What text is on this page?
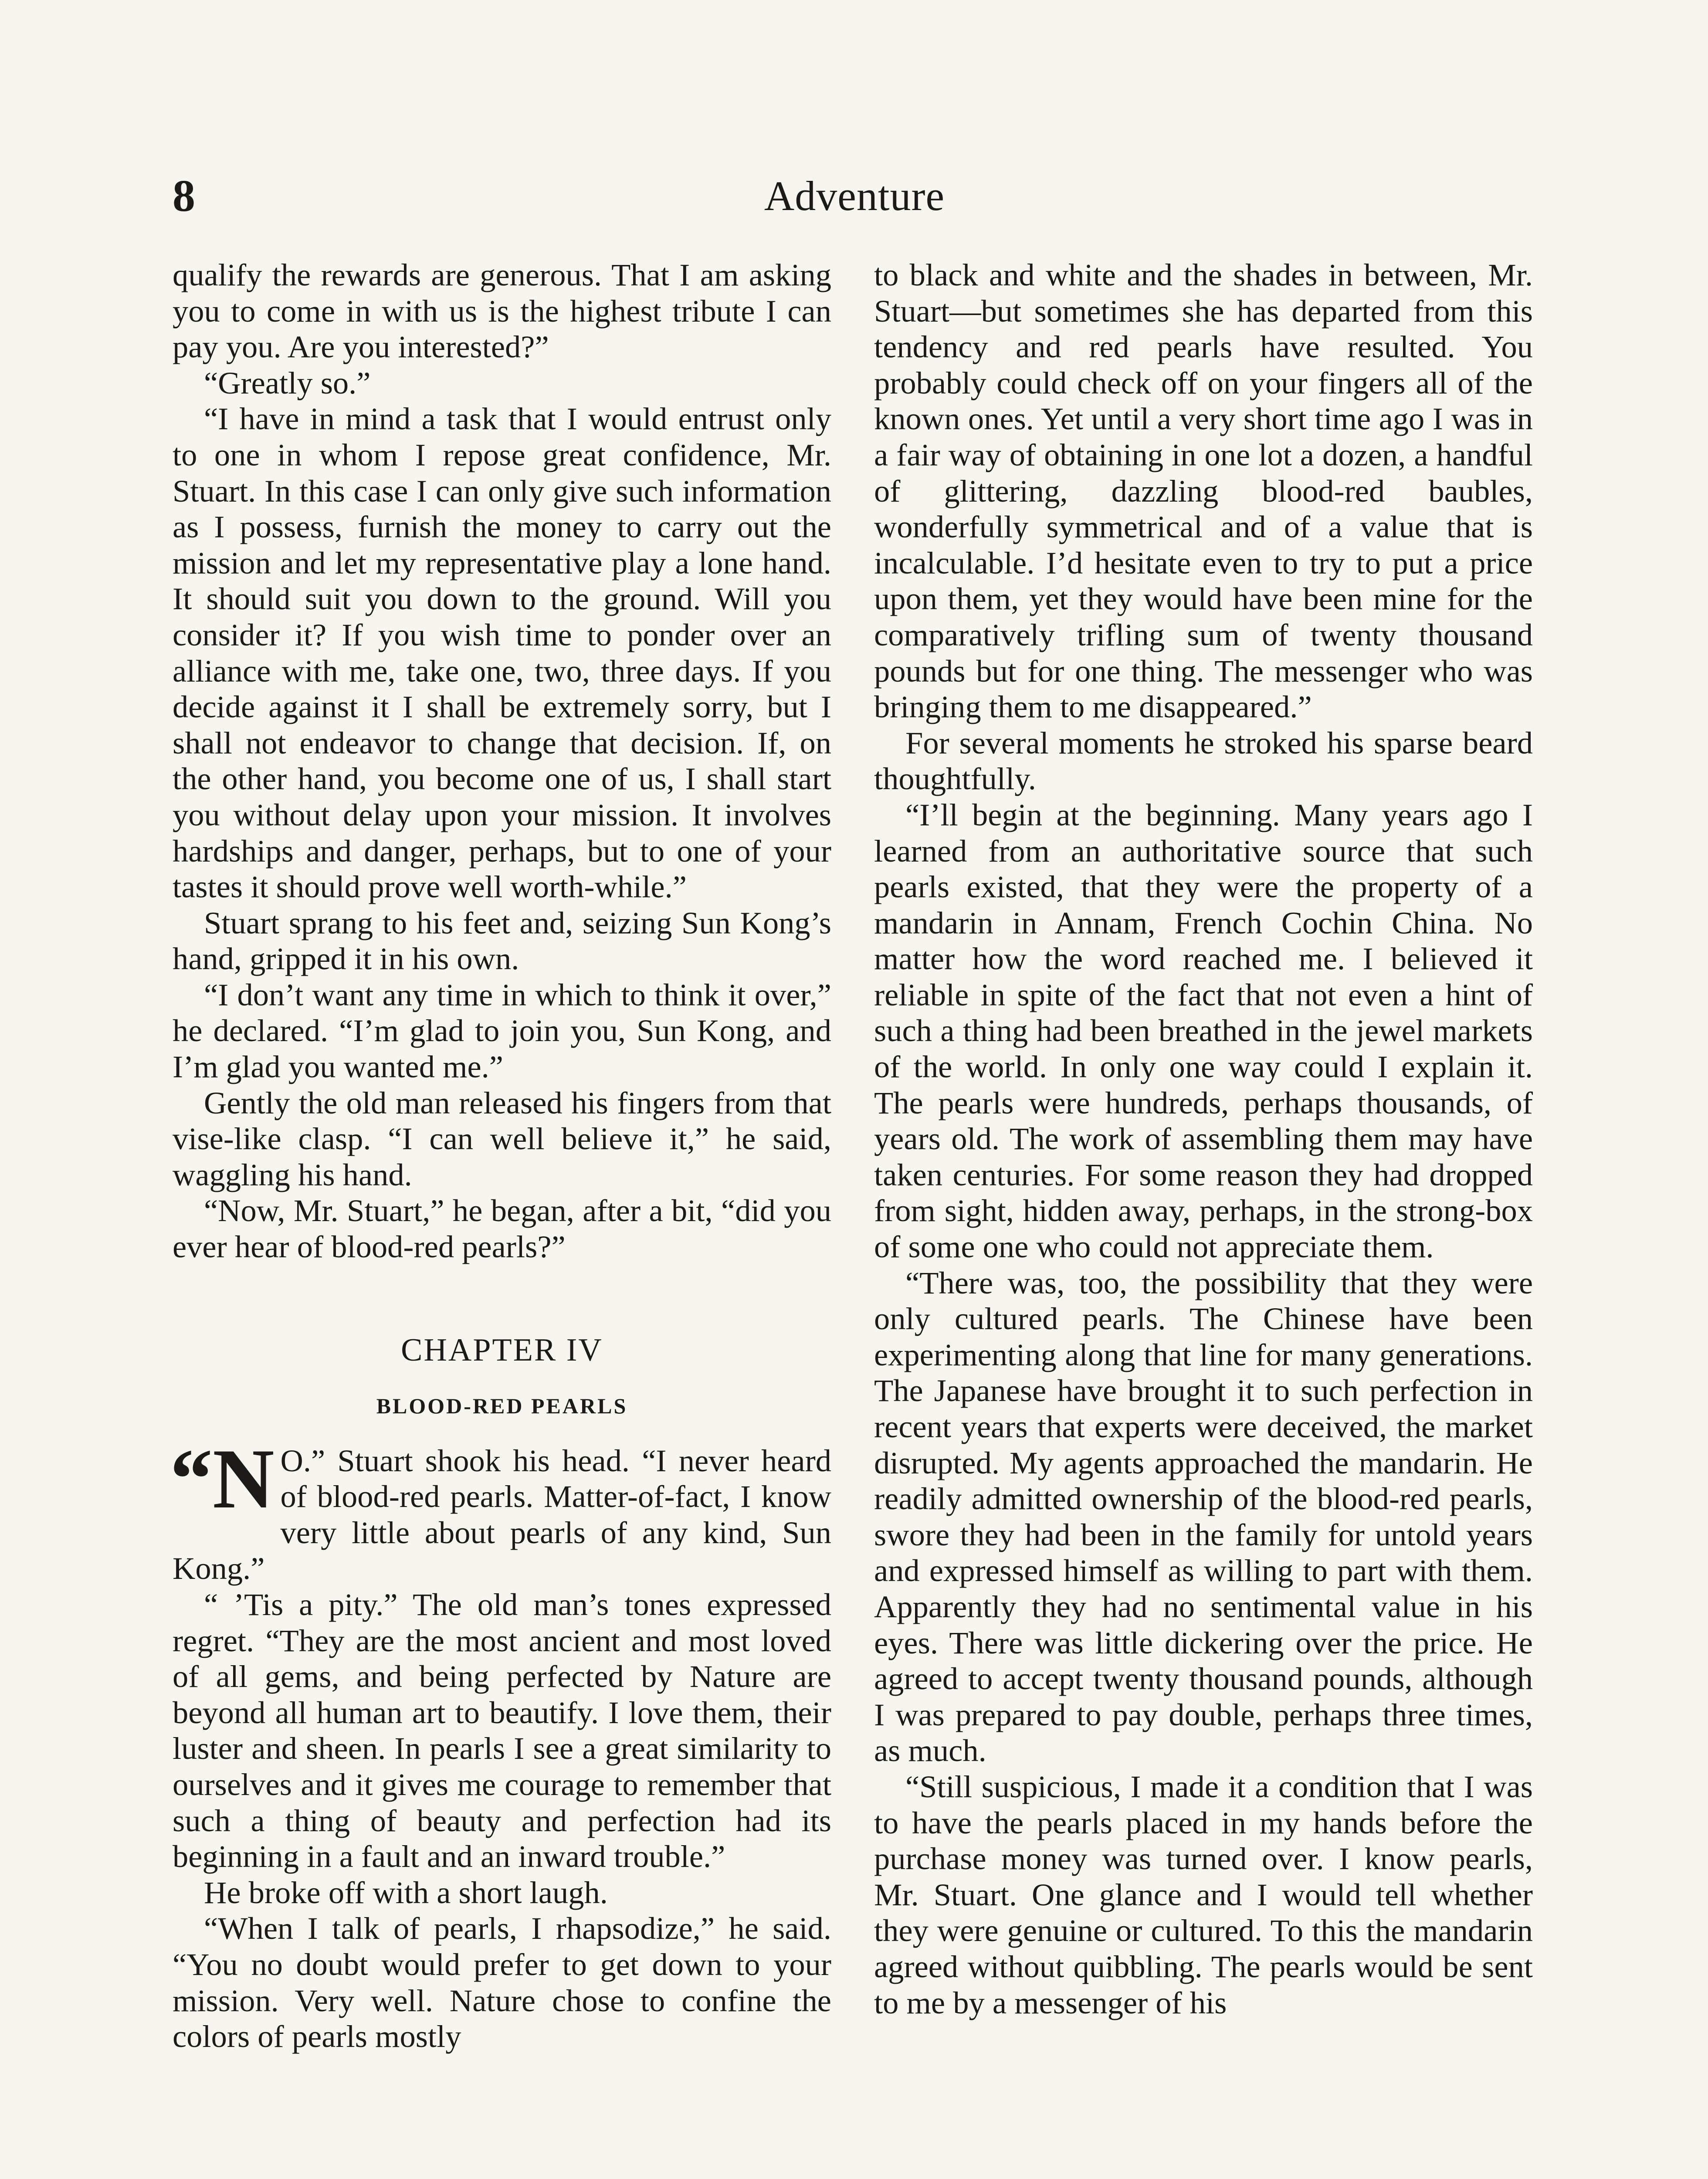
8	Adventure

qualify the rewards are generous. That I am asking you to come in with us is the highest tribute I can pay you. Are you interested?”

“Greatly so.”

“I have in mind a task that I would entrust only to one in whom I repose great confidence, Mr. Stuart. In this case I can only give such information as I possess, furnish the money to carry out the mission and let my representative play a lone hand. It should suit you down to the ground. Will you consider it? If you wish time to ponder over an alliance with me, take one, two, three days. If you decide against it I shall be extremely sorry, but I shall not endeavor to change that decision. If, on the other hand, you become one of us, I shall start you without delay upon your mission. It involves hardships and danger, perhaps, but to one of your tastes it should prove well worth-while.”

Stuart sprang to his feet and, seizing Sun Kong’s hand, gripped it in his own.

“I don’t want any time in which to think it over,” he declared. “I’m glad to join you, Sun Kong, and I’m glad you wanted me.”

Gently the old man released his fingers from that vise-like clasp. “I can well believe it,” he said, waggling his hand.

“Now, Mr. Stuart,” he began, after a bit, “did you ever hear of blood-red pearls?”

CHAPTER IV
BLOOD-RED PEARLS

“N O.” Stuart shook his head. “I never heard of blood-red pearls. Matter-of-fact, I know very little about pearls of any kind, Sun Kong.”

“ ’Tis a pity.” The old man’s tones expressed regret. “They are the most ancient and most loved of all gems, and being perfected by Nature are beyond all human art to beautify. I love them, their luster and sheen. In pearls I see a great similarity to ourselves and it gives me courage to remember that such a thing of beauty and perfection had its beginning in a fault and an inward trouble.”

He broke off with a short laugh.

“When I talk of pearls, I rhapsodize,” he said. “You no doubt would prefer to get down to your mission. Very well. Nature chose to confine the colors of pearls mostly

to black and white and the shades in between, Mr. Stuart—but sometimes she has departed from this tendency and red pearls have resulted. You probably could check off on your fingers all of the known ones. Yet until a very short time ago I was in a fair way of obtaining in one lot a dozen, a handful of glittering, dazzling blood-red baubles, wonderfully symmetrical and of a value that is incalculable. I’d hesitate even to try to put a price upon them, yet they would have been mine for the comparatively trifling sum of twenty thousand pounds but for one thing. The messenger who was bringing them to me disappeared.”

For several moments he stroked his sparse beard thoughtfully.

“I’ll begin at the beginning. Many years ago I learned from an authoritative source that such pearls existed, that they were the property of a mandarin in Annam, French Cochin China. No matter how the word reached me. I believed it reliable in spite of the fact that not even a hint of such a thing had been breathed in the jewel markets of the world. In only one way could I explain it. The pearls were hundreds, perhaps thousands, of years old. The work of assembling them may have taken centuries. For some reason they had dropped from sight, hidden away, perhaps, in the strong-box of some one who could not appreciate them.

“There was, too, the possibility that they were only cultured pearls. The Chinese have been experimenting along that line for many generations. The Japanese have brought it to such perfection in recent years that experts were deceived, the market disrupted. My agents approached the mandarin. He readily admitted ownership of the blood-red pearls, swore they had been in the family for untold years and expressed himself as willing to part with them. Apparently they had no sentimental value in his eyes. There was little dickering over the price. He agreed to accept twenty thousand pounds, although I was prepared to pay double, perhaps three times, as much.

“Still suspicious, I made it a condition that I was to have the pearls placed in my hands before the purchase money was turned over. I know pearls, Mr. Stuart. One glance and I would tell whether they were genuine or cultured. To this the mandarin agreed without quibbling. The pearls would be sent to me by a messenger of his
